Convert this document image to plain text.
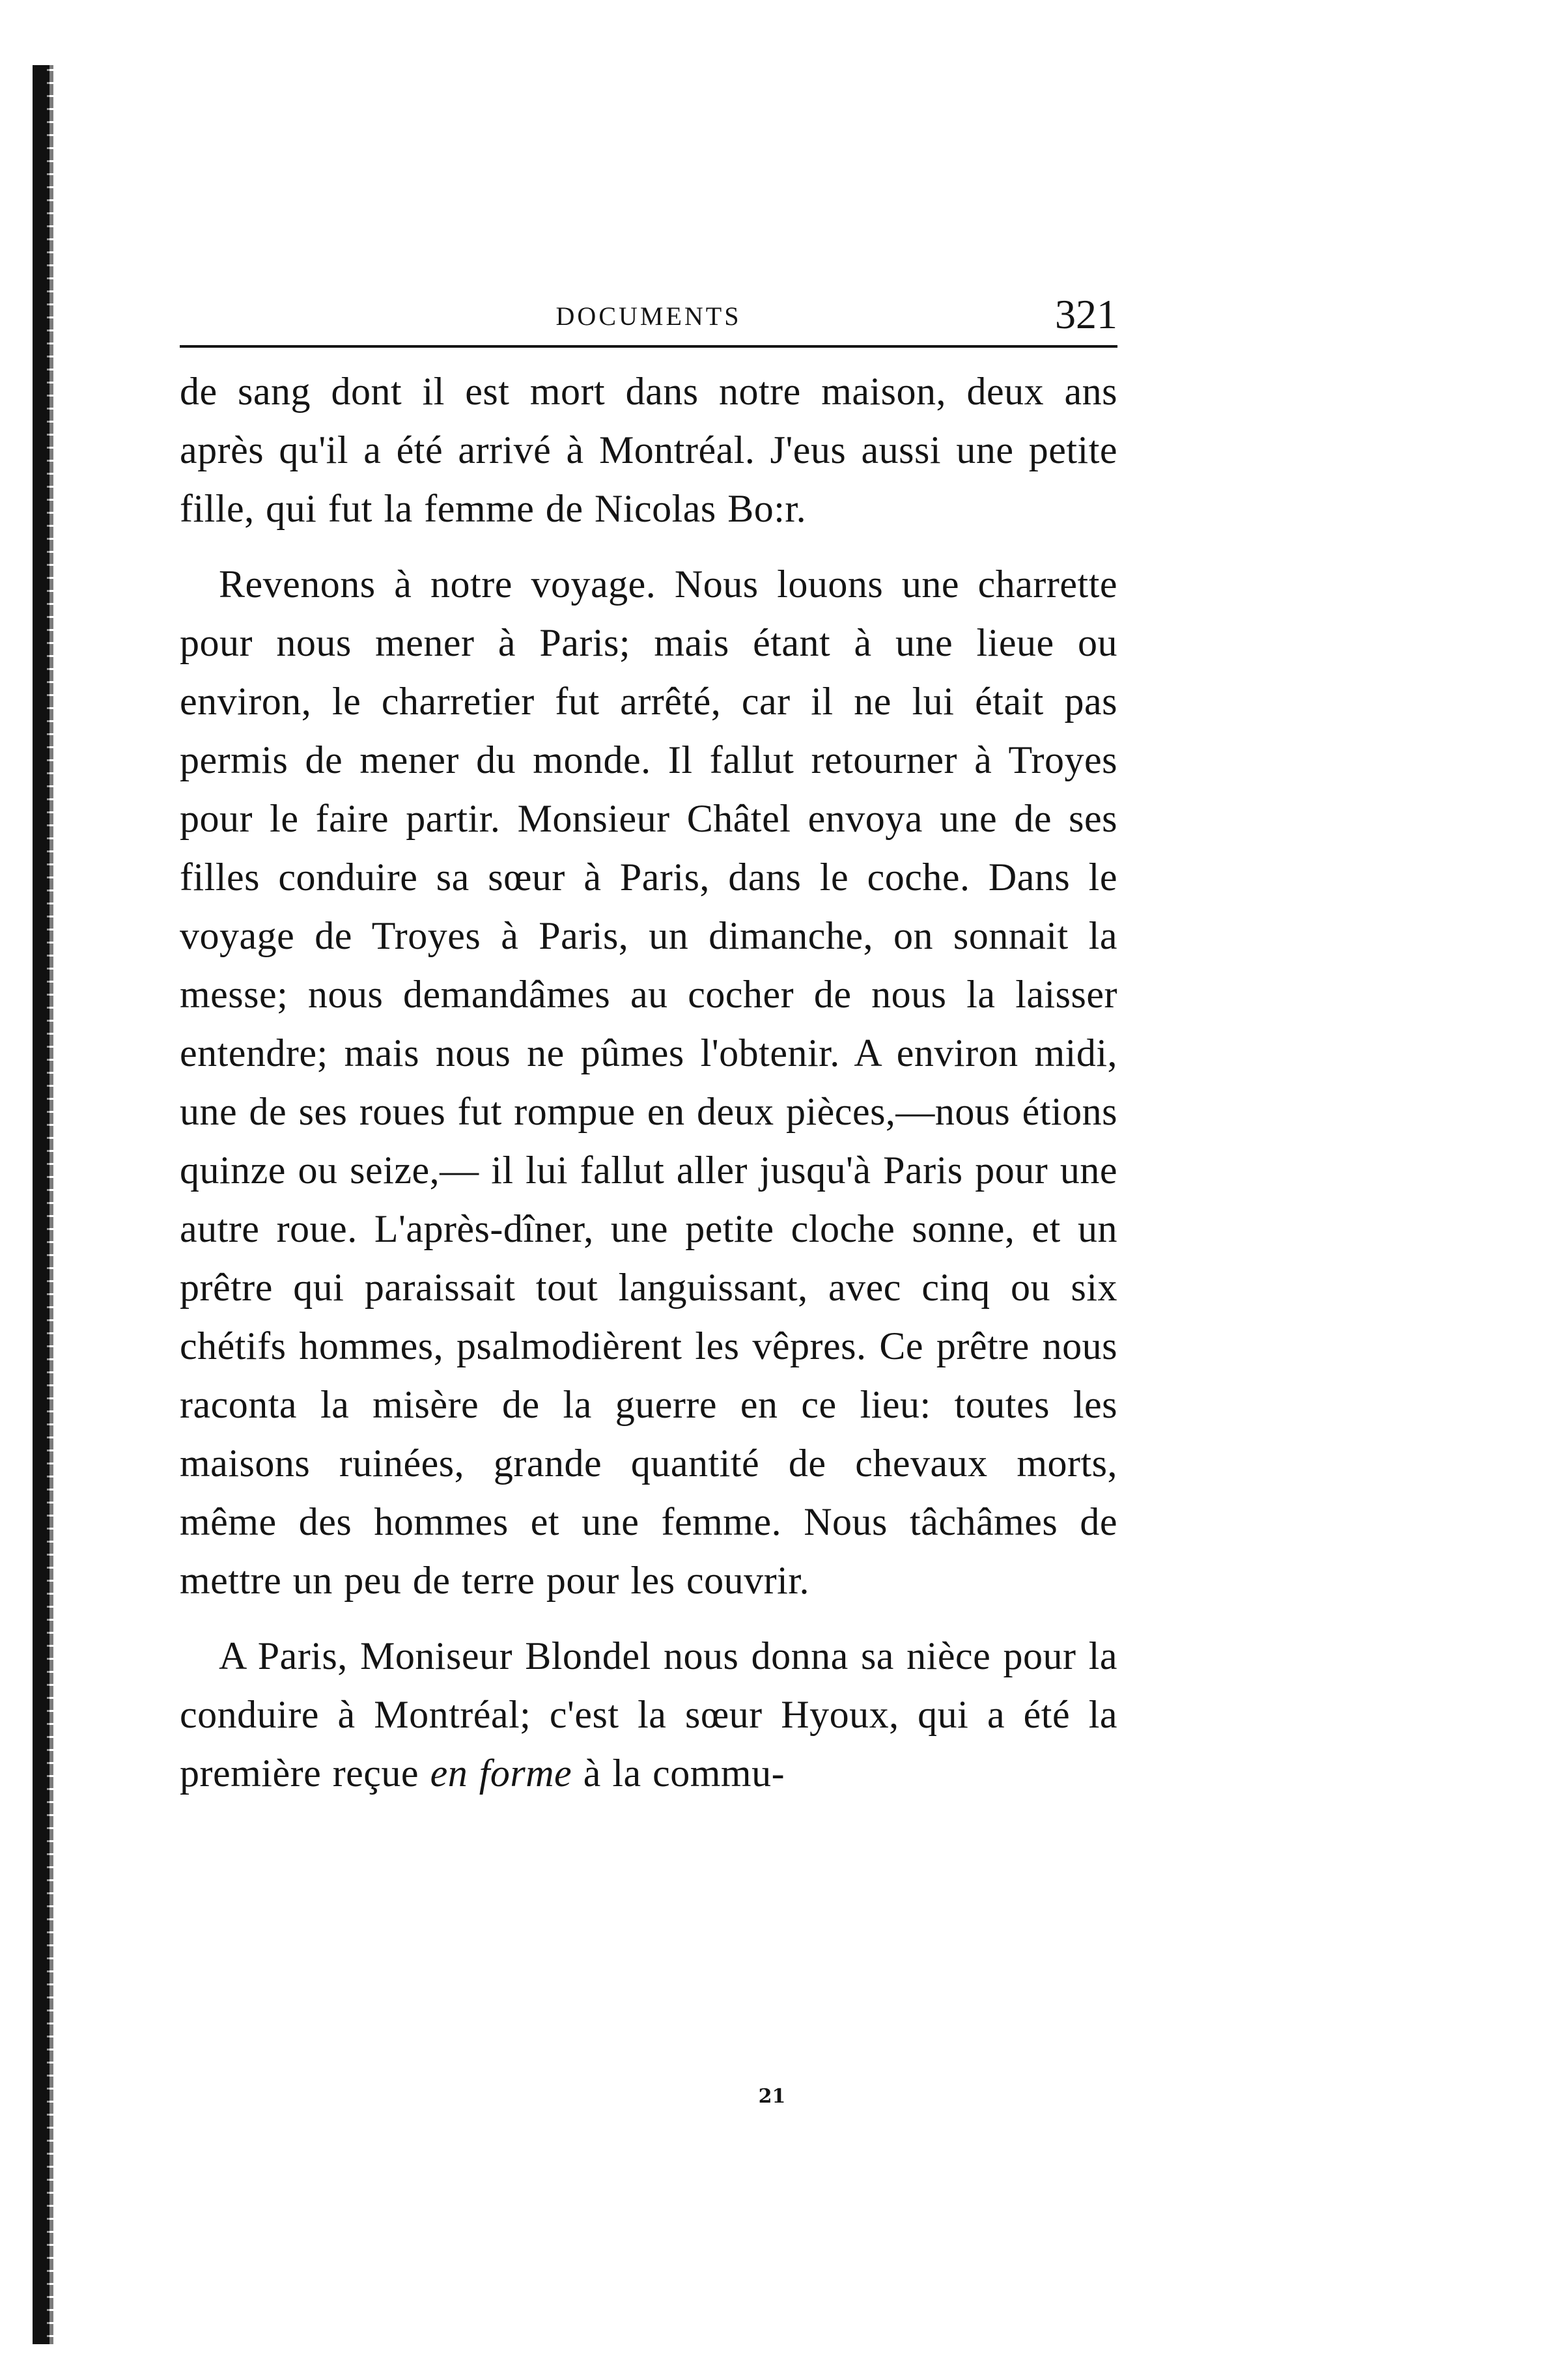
DOCUMENTS	321

de sang dont il est mort dans notre maison, deux ans après qu'il a été arrivé à Montréal. J'eus aussi une petite fille, qui fut la femme de Nicolas Bo​​:r.

Revenons à notre voyage. Nous louons une charrette pour nous mener à Paris; mais étant à une lieue ou environ, le charretier fut arrêté, car il ne lui était pas permis de mener du monde. Il fallut retourner à Troyes pour le faire partir. Monsieur Châtel envoya une de ses filles conduire sa sœur à Paris, dans le coche. Dans le voyage de Troyes à Paris, un dimanche, on sonnait la messe; nous demandâmes au cocher de nous la laisser entendre; mais nous ne pûmes l'obtenir. A environ midi, une de ses roues fut rompue en deux pièces,—nous étions quinze ou seize,— il lui fallut aller jusqu'à Paris pour une autre roue. L'après-dîner, une petite cloche sonne, et un prêtre qui paraissait tout languissant, avec cinq ou six chétifs hommes, psalmodièrent les vêpres. Ce prêtre nous raconta la misère de la guerre en ce lieu: toutes les maisons ruinées, grande quantité de chevaux morts, même des hommes et une femme. Nous tâchâmes de mettre un peu de terre pour les couvrir.

A Paris, Moniseur Blondel nous donna sa nièce pour la conduire à Montréal; c'est la sœur Hyoux, qui a été la première reçue en forme à la commu-

21
